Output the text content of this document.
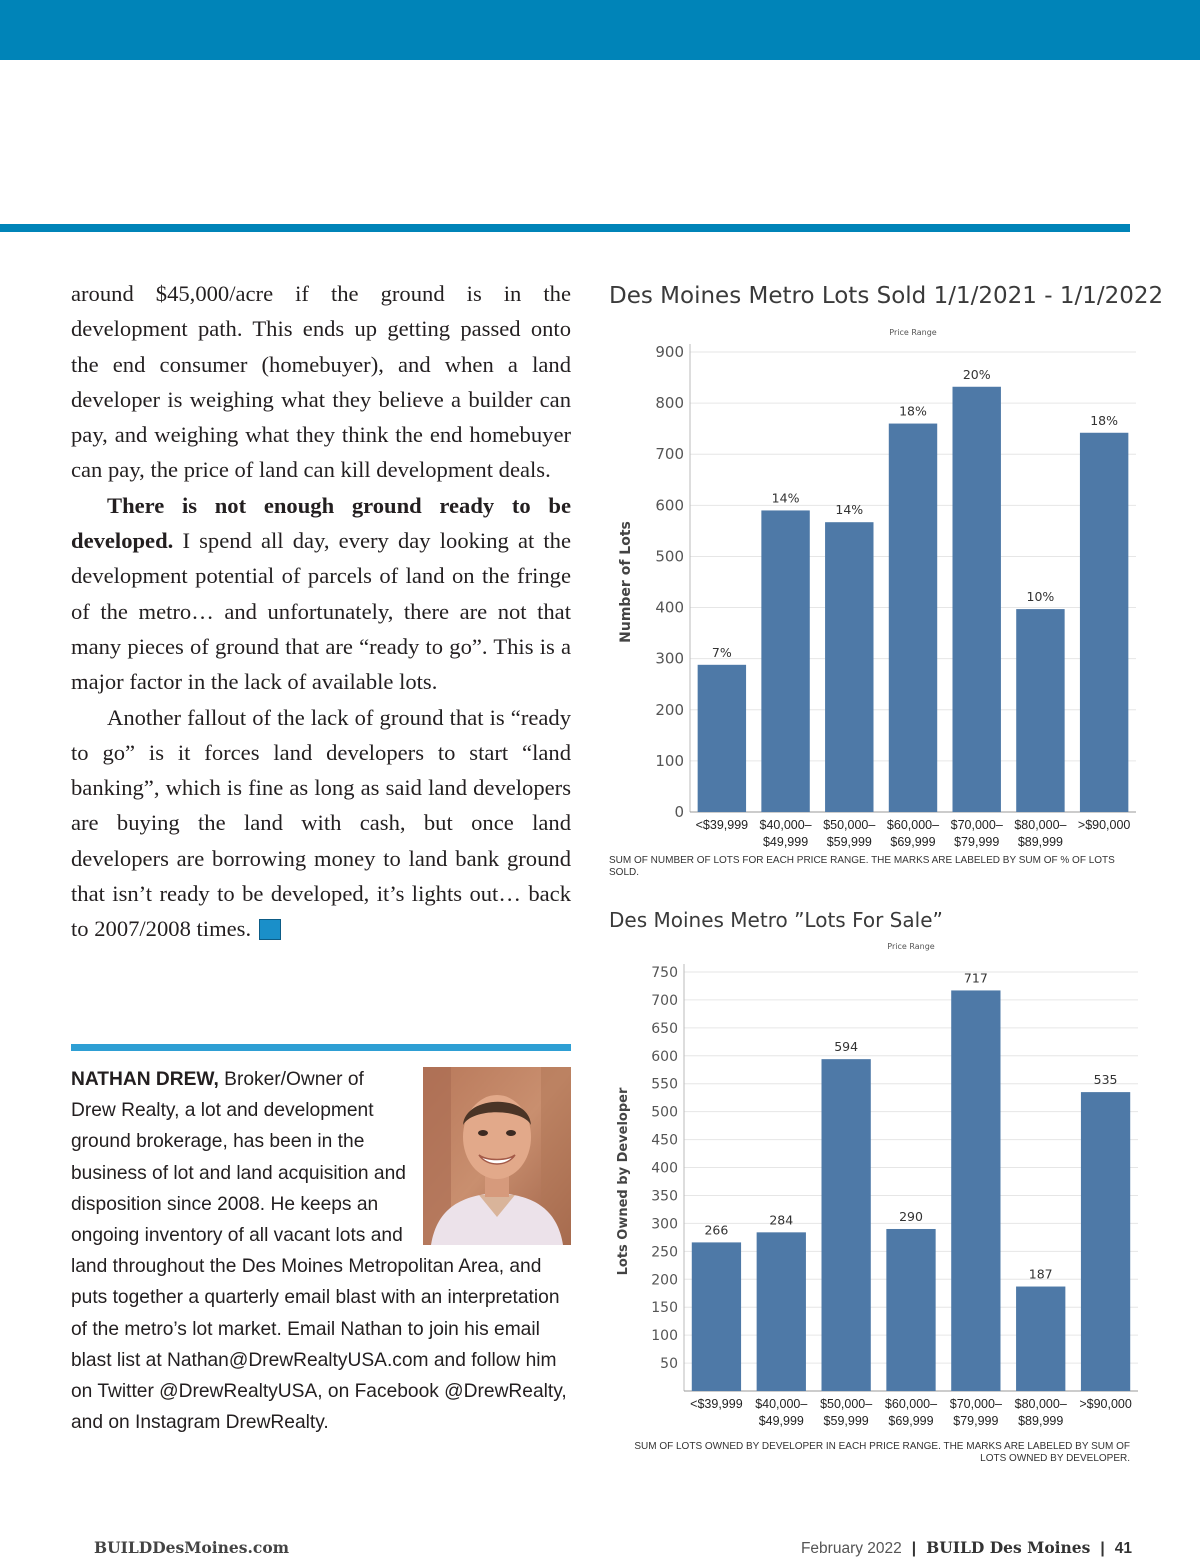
around $45,000/acre if the ground is in the development path. This ends up getting passed onto the end consumer (homebuyer), and when a land developer is weighing what they believe a builder can pay, and weighing what they think the end homebuyer can pay, the price of land can kill development deals.

There is not enough ground ready to be developed. I spend all day, every day looking at the development potential of parcels of land on the fringe of the metro… and unfortunately, there are not that many pieces of ground that are “ready to go”. This is a major factor in the lack of available lots.

Another fallout of the lack of ground that is “ready to go” is it forces land developers to start “land banking”, which is fine as long as said land developers are buying the land with cash, but once land developers are borrowing money to land bank ground that isn’t ready to be developed, it’s lights out… back to 2007/2008 times.	B

NATHAN DREW, Broker/Owner of Drew Realty, a lot and development ground brokerage, has been in the business of lot and land acquisition and disposition since 2008. He keeps an ongoing inventory of all vacant lots and land throughout the Des Moines Metropolitan Area, and puts together a quarterly email blast with an interpretation of the metro’s lot market. Email Nathan to join his email blast list at Nathan@DrewRealtyUSA.com and follow him on Twitter @DrewRealtyUSA, on Facebook @DrewRealty, and on Instagram DrewRealty.
Des Moines Metro Lots Sold 1/1/2021 - 1/1/2022
Price Range
0
100
200
300
400
500
600
700
800
900
Number of Lots
7%
<$39,999
14%
$40,000–
$49,999
14%
$50,000–
$59,999
18%
$60,000–
$69,999
20%
$70,000–
$79,999
10%
$80,000–
$89,999
18%
>$90,000
SUM OF NUMBER OF LOTS FOR EACH PRICE RANGE. THE MARKS ARE LABELED BY SUM OF % OF LOTS SOLD.
Des Moines Metro ”Lots For Sale”
Price Range
50
100
150
200
250
300
350
400
450
500
550
600
650
700
750
Lots Owned by Developer	266
<$39,999
284
$40,000–
$49,999
594
$50,000–
$59,999
290
$60,000–
$69,999
717
$70,000–
$79,999
187
$80,000–
$89,999
535
>$90,000
SUM OF LOTS OWNED BY DEVELOPER IN EACH PRICE RANGE. THE MARKS ARE LABELED BY SUM OF LOTS OWNED BY DEVELOPER.
BUILDDesMoines.com	February 2022 | BUILD Des Moines | 41
